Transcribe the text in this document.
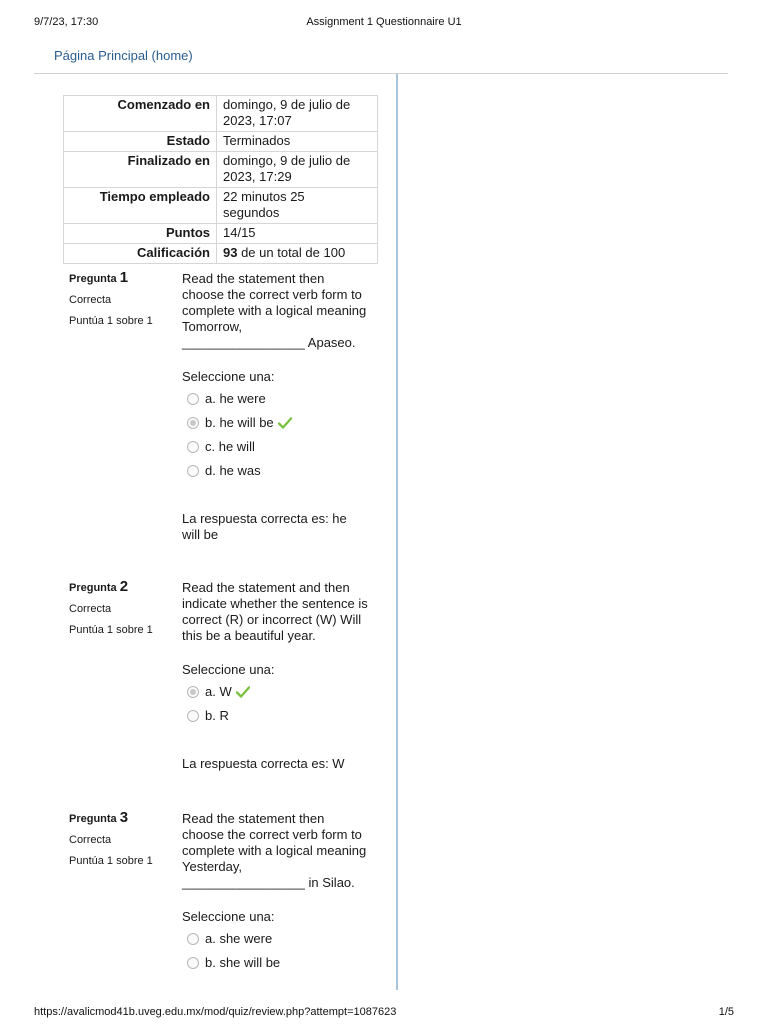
9/7/23, 17:30	Assignment 1 Questionnaire U1
Página Principal (home)
Comenzado en	domingo, 9 de julio de
2023, 17:07
Estado	Terminados
Finalizado en	domingo, 9 de julio de
2023, 17:29
Tiempo empleado	22 minutos 25
segundos
Puntos	14/15
Calificación	93 de un total de 100
Pregunta 1
Correcta
Puntúa 1 sobre 1
Read the statement then
choose the correct verb form to
complete with a logical meaning
Tomorrow,
_________________ Apaseo.
Seleccione una:
a. he were
b. he will be
c. he will
d. he was
La respuesta correcta es: he
will be
Pregunta 2
Correcta
Puntúa 1 sobre 1
Read the statement and then
indicate whether the sentence is
correct (R) or incorrect (W) Will
this be a beautiful year.
Seleccione una:
a. W
b. R
La respuesta correcta es: W
Pregunta 3
Correcta
Puntúa 1 sobre 1
Read the statement then
choose the correct verb form to
complete with a logical meaning
Yesterday,
_________________ in Silao.
Seleccione una:
a. she were
b. she will be
https://avalicmod41b.uveg.edu.mx/mod/quiz/review.php?attempt=1087623	1/5
